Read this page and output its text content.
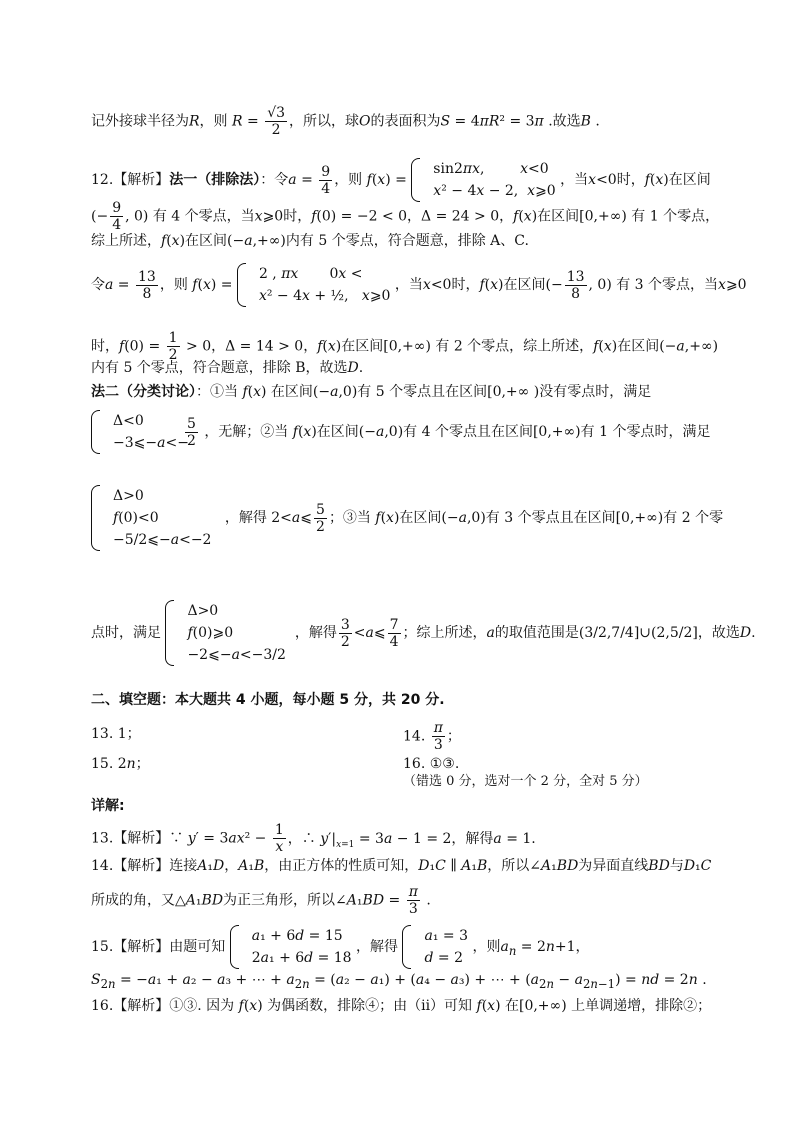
记外接球半径为R，则 $R = \frac{√3}{2}$ ，所以，球O的表面积为S = 4πR² = 3π .故选B .
12.【解析】法一（排除法）：令$a = \frac{9}{4}$ ，则 f(x) =
sin2πx,        x<0
x² − 4x − 2,  x⩾0
，当x<0时，f(x)在区间
(− $\frac{9}{4}$ , 0) 有 4 个零点，当x⩾0时，f(0) = −2 < 0，Δ = 24 > 0，f(x)在区间[0,+∞) 有 1 个零点，
综上所述，f(x)在区间(−a,+∞)内有 5 个零点，符合题意，排除 A、C.
令$a = \frac{13}{8}$ ，则 f(x) =
2 , πx       0x <
x² − 4x + ½,   x⩾0
，当x<0时，f(x)在区间(− $\frac{13}{8}$ , 0) 有 3 个零点，当x⩾0
时，$f(0) = \frac{1}{2} > 0$，Δ = 14 > 0，f(x)在区间[0,+∞) 有 2 个零点，综上所述，f(x)在区间(−a,+∞)
内有 5 个零点，符合题意，排除 B，故选D.
法二（分类讨论）：①当 f(x) 在区间(−a,0)有 5 个零点且在区间[0,+∞ )没有零点时，满足
Δ<0
−3⩽−a<−
$\frac{5}{2}$ ，无解；②当 f(x)在区间(−a,0)有 4 个零点且在区间[0,+∞)有 1 个零点时，满足
Δ>0
f(0)<0
−5/2⩽−a<−2
，解得 2<a⩽ $\frac{5}{2}$ ；③当 f(x)在区间(−a,0)有 3 个零点且在区间[0,+∞)有 2 个零
点时，满足
Δ>0
f(0)⩾0
−2⩽−a<−3/2
，解得 $\frac{3}{2}$ <a⩽ $\frac{7}{4}$ ；综上所述，a的取值范围是(3/2,7/4]∪(2,5/2]，故选D.
二、填空题：本大题共 4 小题，每小题 5 分，共 20 分.
13. 1；	14. $\frac{\pi}{3}$ ；
15. 2n；	16. ①③.
（错选 0 分，选对一个 2 分，全对 5 分）
详解:
13.【解析】∵ $y' = 3ax^2 - \frac{1}{x}$ ，∴ $y'|_{x=1} = 3a - 1 = 2$，解得a = 1.
14.【解析】连接A₁D，A₁B，由正方体的性质可知，D₁C ∥ A₁B，所以∠A₁BD为异面直线BD与D₁C
所成的角，又△A₁BD为正三角形，所以∠A₁BD = $\frac{\pi}{3}$ .
15.【解析】由题可知
a₁ + 6d = 15
2a₁ + 6d = 18
，解得
a₁ = 3
d = 2
，则$a_n = 2n+1$，
$S_{2n} = -a_1 + a_2 - a_3$ + ⋯ + $a_{2n} = (a_2 - a_1) + (a_4 - a_3)$ + ⋯ + $(a_{2n} - a_{2n-1})$ = nd = 2n .
16.【解析】①③. 因为 f(x) 为偶函数，排除④；由（ii）可知 f(x) 在[0,+∞) 上单调递增，排除②；
